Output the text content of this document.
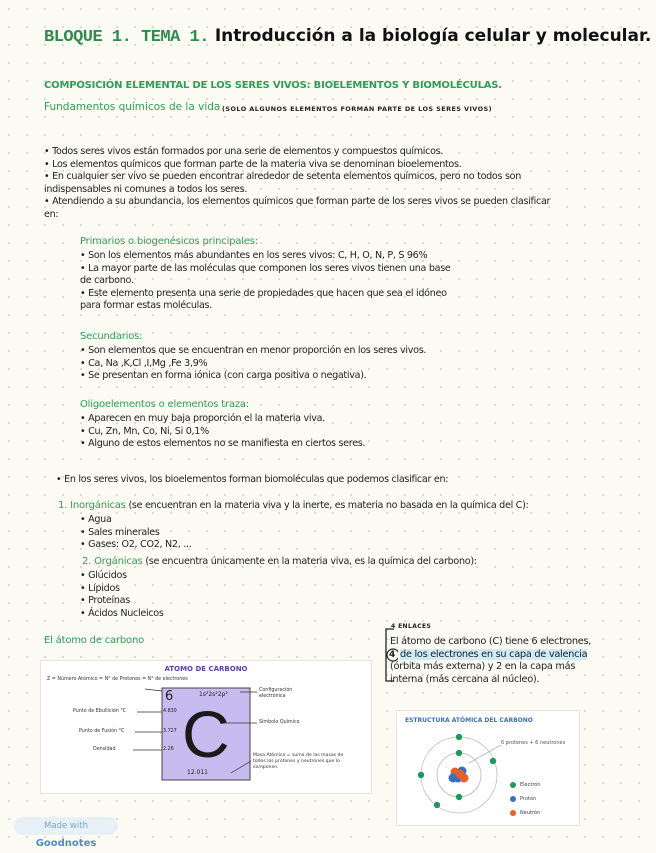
BLOQUE 1. TEMA 1. Introducción a la biología celular y molecular.
COMPOSICIÓN ELEMENTAL DE LOS SERES VIVOS: BIOELEMENTOS Y BIOMOLÉCULAS.
Fundamentos químicos de la vida (SOLO ALGUNOS ELEMENTOS FORMAN PARTE DE LOS SERES VIVOS)
• Todos seres vivos están formados por una serie de elementos y compuestos químicos.
• Los elementos químicos que forman parte de la materia viva se denominan bioelementos.
• En cualquier ser vivo se pueden encontrar alrededor de setenta elementos químicos, pero no todos son
indispensables ni comunes a todos los seres.
• Atendiendo a su abundancia, los elementos químicos que forman parte de los seres vivos se pueden clasificar
en:
Primarios o biogenésicos principales:
• Son los elementos más abundantes en los seres vivos: C, H, O, N, P, S 96%
• La mayor parte de las moléculas que componen los seres vivos tienen una base
de carbono.
• Este elemento presenta una serie de propiedades que hacen que sea el idóneo
para formar estas moléculas.
Secundarios:
• Son elementos que se encuentran en menor proporción en los seres vivos.
• Ca, Na ,K,Cl ,I,Mg ,Fe 3,9%
• Se presentan en forma iónica (con carga positiva o negativa).
Oligoelementos o elementos traza:
• Aparecen en muy baja proporción el la materia viva.
• Cu, Zn, Mn, Co, Ni, Si 0,1%
• Alguno de estos elementos no se manifiesta en ciertos seres.
• En los seres vivos, los bioelementos forman biomoléculas que podemos clasificar en:
1. Inorgánicas (se encuentran en la materia viva y la inerte, es materia no basada en la química del C):
• Agua
• Sales minerales
• Gases: O2, CO2, N2, ...
2. Orgánicas (se encuentra únicamente en la materia viva, es la química del carbono):
• Glúcidos
• Lípidos
• Proteínas
• Ácidos Nucleicos
El átomo de carbono
4 ENLACES
4
El átomo de carbono (C) tiene 6 electrones,
de los electrones en su capa de valencia
(órbita más externa) y 2 en la capa más
interna (más cercana al núcleo).
ATOMO DE CARBONO
Z = Número Atómico = N° de Protones = N° de electrones
6	1s²2s²2p²
Configuración electrónica
Punto de Ebullición °C	4.830
Punto de Fusión °C	3.727
Densidad	2.26 C	Símbolo Químico
12.011
Masa Atómica = suma de las masas de todos los protones y neutrones que lo componen.
ESTRUCTURA ATÓMICA DEL CARBONO
6 protones + 6 neutrones
Electrón
Protón
Neutrón
Made with Goodnotes
